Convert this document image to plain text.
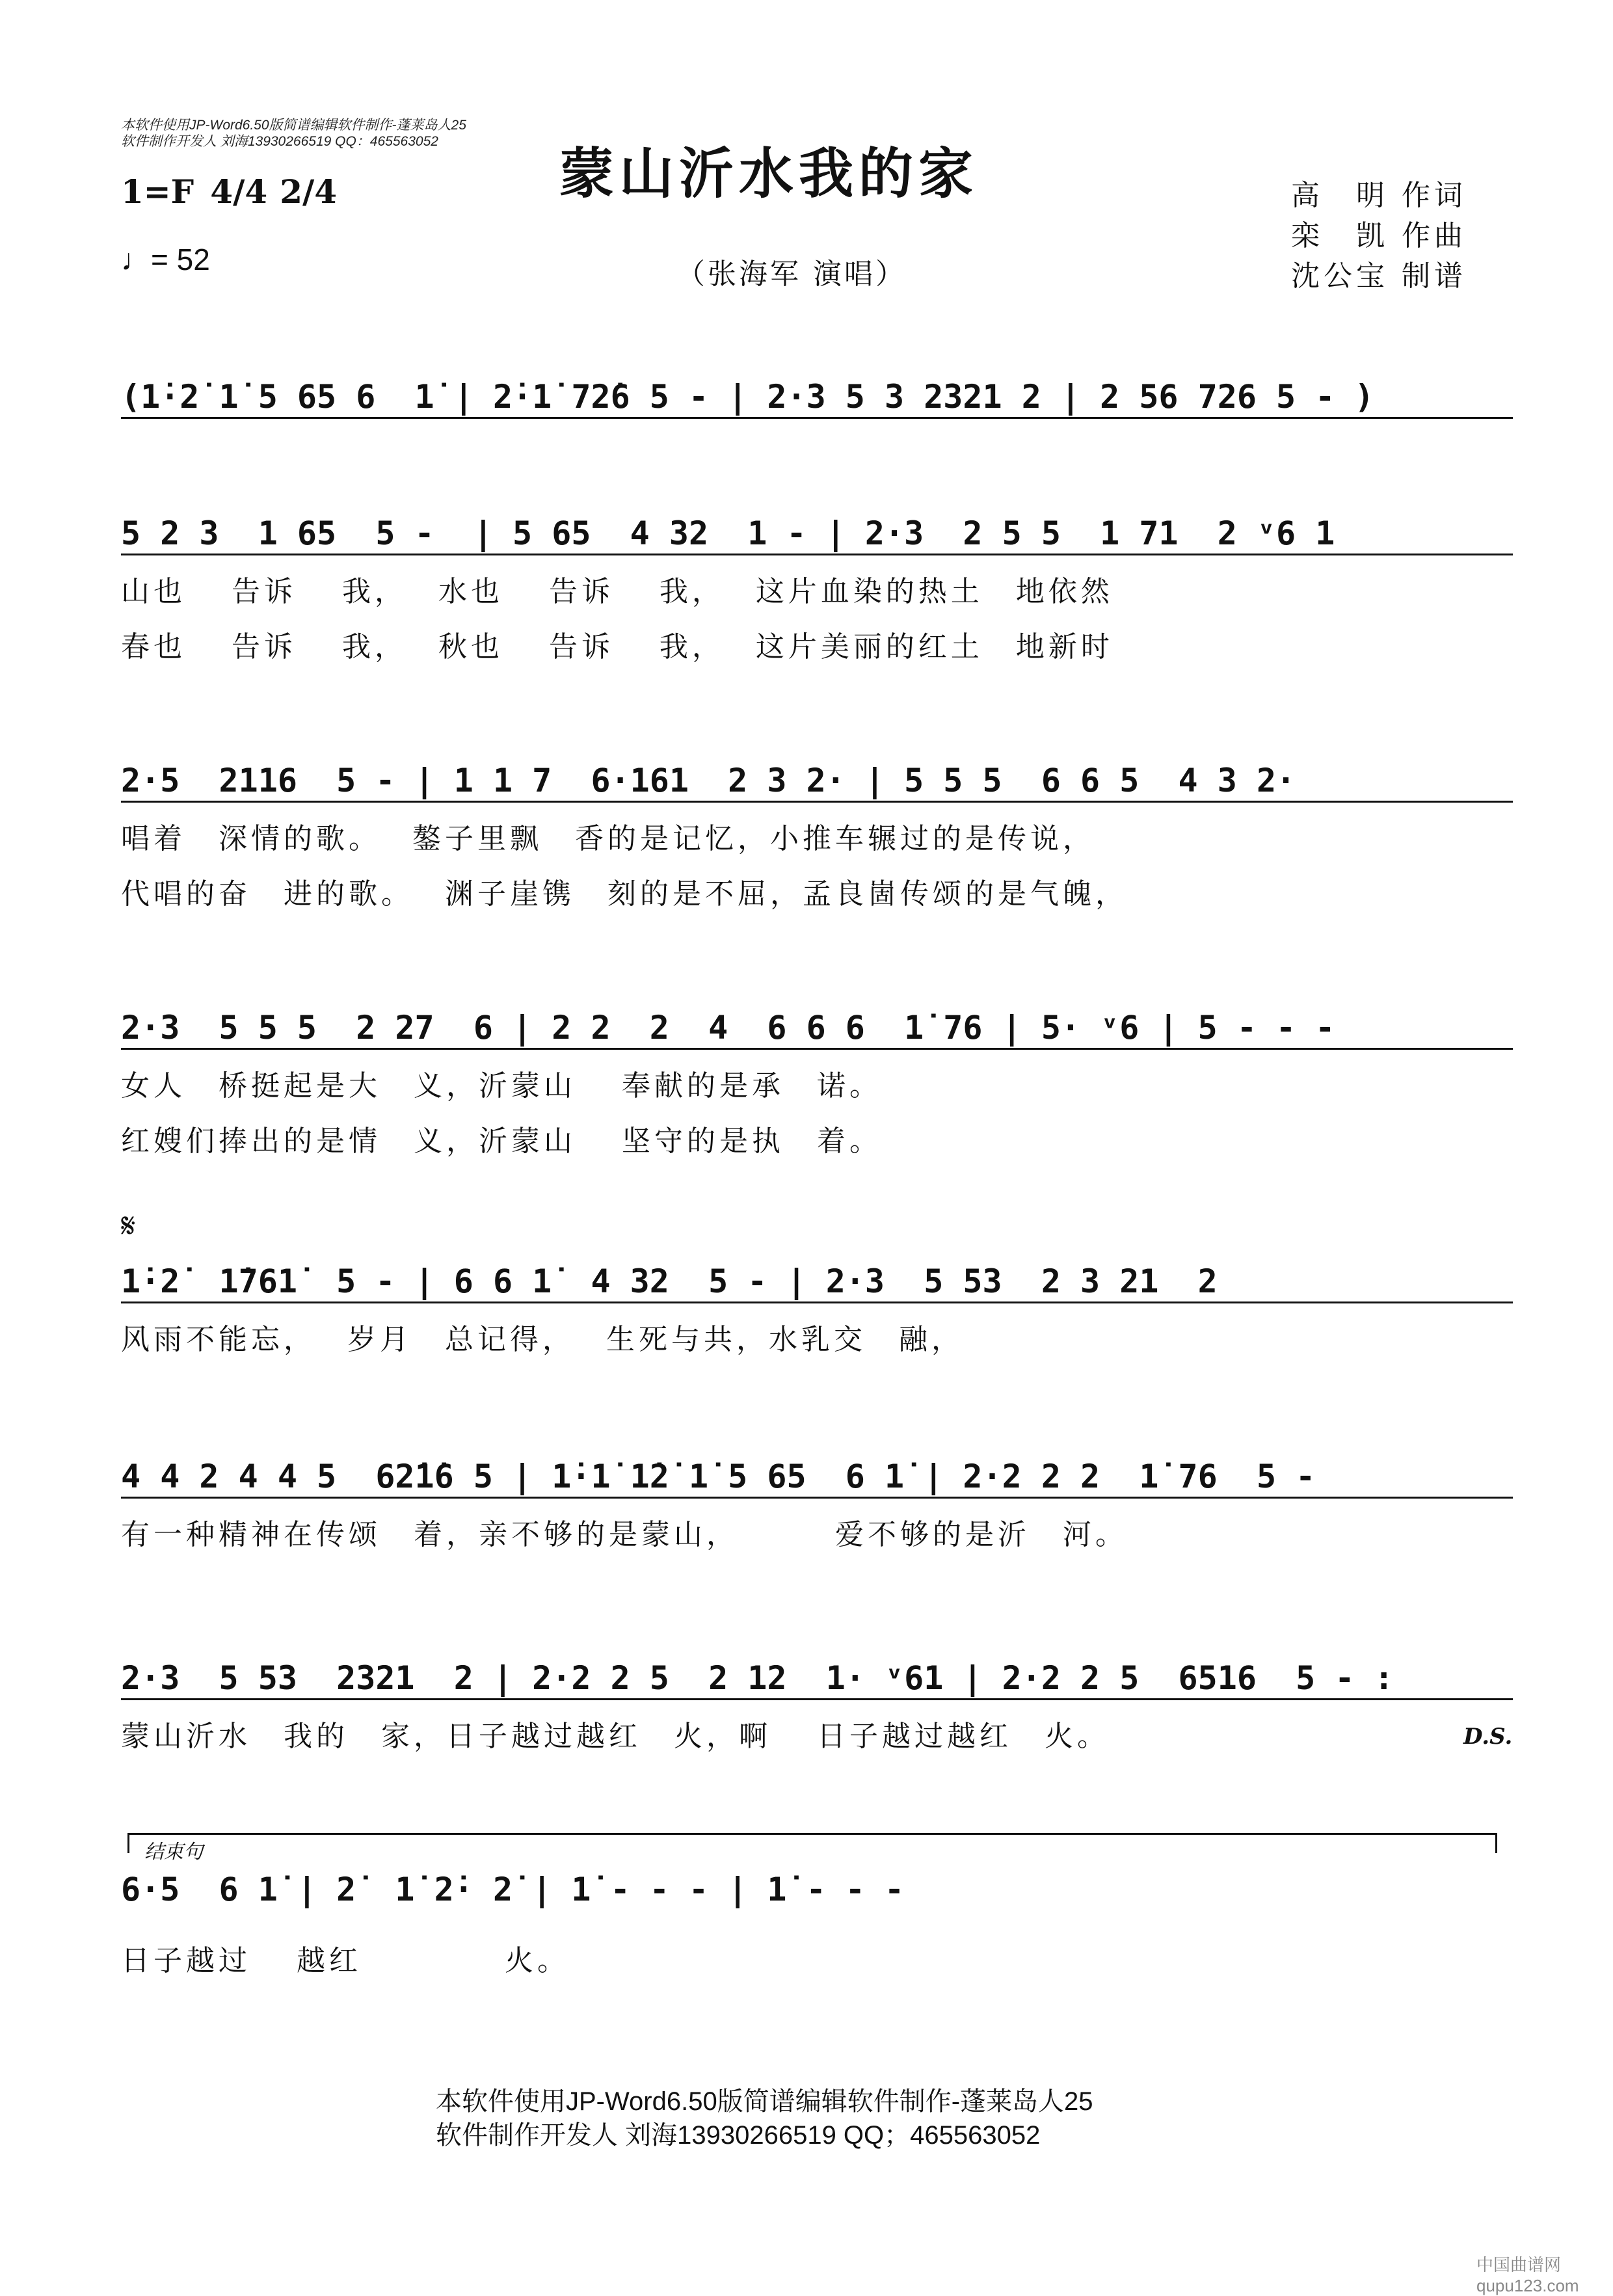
本软件使用JP-Word6.50版简谱编辑软件制作-蓬莱岛人25
软件制作开发人 刘海13930266519 QQ：465563052 蒙山沂水我的家
（张海军 演唱）
1=F 4/4 2/4
♩= 52
高　明 作词
栾　凯 作曲
沈公宝 制谱
(1̇·2̇ 1̇ 5 65 6  1̇ | 2̇·1̇ 72̇6 5 - | 2·3 5 3 2321 2 | 2 56 726 5 - )
5 2 3  1 65  5 -  | 5 65  4 32  1 - | 2·3  2 5 5  1 71  2 ᵛ6 1
山也　 告诉　 我，　 水也　 告诉　 我，　 这片血染的热土　地依然
春也　 告诉　 我，　 秋也　 告诉　 我，　 这片美丽的红土　地新时
2·5  2116  5 - | 1 1 7  6·161  2 3 2· | 5 5 5  6 6 5  4 3 2·
唱着　深情的歌。　 鏊子里飘　香的是记忆，小推车辗过的是传说，
代唱的奋　进的歌。　 渊子崖镌　刻的是不屈，孟良崮传颂的是气魄，
2·3  5 5 5  2 27  6 | 2 2  2  4  6 6 6  1̇ 76 | 5· ᵛ6 | 5 - - -
女人　桥挺起是大　义，沂蒙山　 奉献的是承　诺。
红嫂们捧出的是情　义，沂蒙山　 坚守的是执　着。
𝄋
1̇·2̇  1̇761̇  5 - | 6 6 1̇  4 32  5 - | 2·3  5 53  2 3 21  2
风雨不能忘，　 岁月　总记得，　 生死与共，水乳交　融，
4 4 2 4 4 5  62̇1̇6 5 | 1̇·1̇ 1̇2̇ 1̇ 5 65  6 1̇ | 2·2 2 2  1̇ 76  5 -
有一种精神在传颂　着，亲不够的是蒙山，　　　 爱不够的是沂　河。
2·3  5 53  2321  2 | 2·2 2 5  2 12  1· ᵛ61 | 2·2 2 5  6516  5 - :
蒙山沂水　我的　家，日子越过越红　火，啊　 日子越过越红　火。	D.S.
结束句
6·5  6 1̇ | 2̇  1̇ 2̇· 2̇ | 1̇ - - - | 1̇ - - -
日子越过　 越红　　　　 火。
本软件使用JP-Word6.50版简谱编辑软件制作-蓬莱岛人25
软件制作开发人 刘海13930266519 QQ；465563052
中国曲谱网 qupu123.com
